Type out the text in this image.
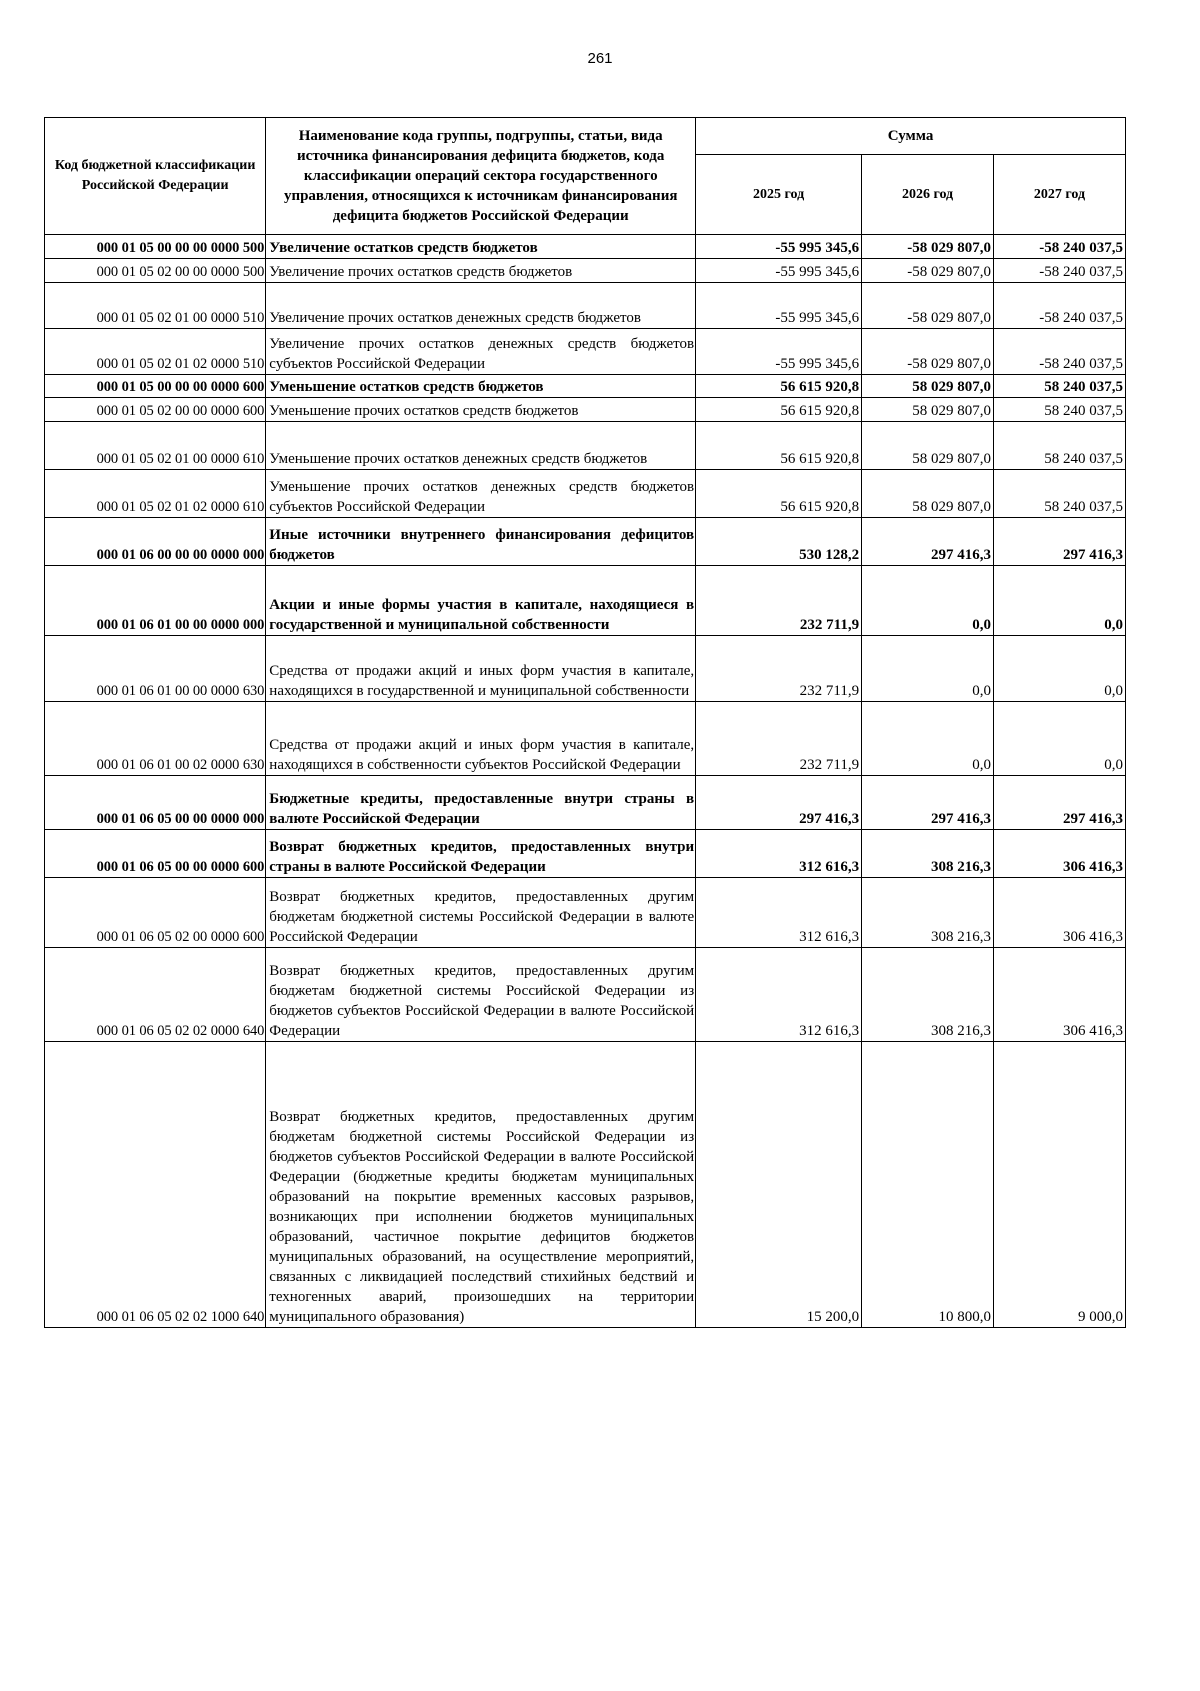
261
Код бюджетной классификации Российской Федерации	Наименование кода группы, подгруппы, статьи, вида источника финансирования дефицита бюджетов, кода классификации операций сектора государственного управления, относящихся к источникам финансирования дефицита бюджетов Российской Федерации	Сумма		
		2025 год	2026 год	2027 год
000 01 05 00 00 00 0000 500	Увеличение остатков средств бюджетов	-55 995 345,6	-58 029 807,0	-58 240 037,5
000 01 05 02 00 00 0000 500	Увеличение прочих остатков средств бюджетов	-55 995 345,6	-58 029 807,0	-58 240 037,5
000 01 05 02 01 00 0000 510	Увеличение прочих остатков денежных средств бюджетов	-55 995 345,6	-58 029 807,0	-58 240 037,5
000 01 05 02 01 02 0000 510	Увеличение прочих остатков денежных средств бюджетов субъектов Российской Федерации	-55 995 345,6	-58 029 807,0	-58 240 037,5
000 01 05 00 00 00 0000 600	Уменьшение остатков средств бюджетов	56 615 920,8	58 029 807,0	58 240 037,5
000 01 05 02 00 00 0000 600	Уменьшение прочих остатков средств бюджетов	56 615 920,8	58 029 807,0	58 240 037,5
000 01 05 02 01 00 0000 610	Уменьшение прочих остатков денежных средств бюджетов	56 615 920,8	58 029 807,0	58 240 037,5
000 01 05 02 01 02 0000 610	Уменьшение прочих остатков денежных средств бюджетов субъектов Российской Федерации	56 615 920,8	58 029 807,0	58 240 037,5
000 01 06 00 00 00 0000 000	Иные источники внутреннего финансирования дефицитов бюджетов	530 128,2	297 416,3	297 416,3
000 01 06 01 00 00 0000 000	Акции и иные формы участия в капитале, находящиеся в государственной и муниципальной собственности	232 711,9	0,0	0,0
000 01 06 01 00 00 0000 630	Средства от продажи акций и иных форм участия в капитале, находящихся в государственной и муниципальной собственности	232 711,9	0,0	0,0
000 01 06 01 00 02 0000 630	Средства от продажи акций и иных форм участия в капитале, находящихся в собственности субъектов Российской Федерации	232 711,9	0,0	0,0
000 01 06 05 00 00 0000 000	Бюджетные кредиты, предоставленные внутри страны в валюте Российской Федерации	297 416,3	297 416,3	297 416,3
000 01 06 05 00 00 0000 600	Возврат бюджетных кредитов, предоставленных внутри страны в валюте Российской Федерации	312 616,3	308 216,3	306 416,3
000 01 06 05 02 00 0000 600	Возврат бюджетных кредитов, предоставленных другим бюджетам бюджетной системы Российской Федерации в валюте Российской Федерации	312 616,3	308 216,3	306 416,3
000 01 06 05 02 02 0000 640	Возврат бюджетных кредитов, предоставленных другим бюджетам бюджетной системы Российской Федерации из бюджетов субъектов Российской Федерации в валюте Российской Федерации	312 616,3	308 216,3	306 416,3
000 01 06 05 02 02 1000 640	Возврат бюджетных кредитов, предоставленных другим бюджетам бюджетной системы Российской Федерации из бюджетов субъектов Российской Федерации в валюте Российской Федерации (бюджетные кредиты бюджетам муниципальных образований на покрытие временных кассовых разрывов, возникающих при исполнении бюджетов муниципальных образований, частичное покрытие дефицитов бюджетов муниципальных образований, на осуществление мероприятий, связанных с ликвидацией последствий стихийных бедствий и техногенных аварий, произошедших на территории муниципального образования)	15 200,0	10 800,0	9 000,0
